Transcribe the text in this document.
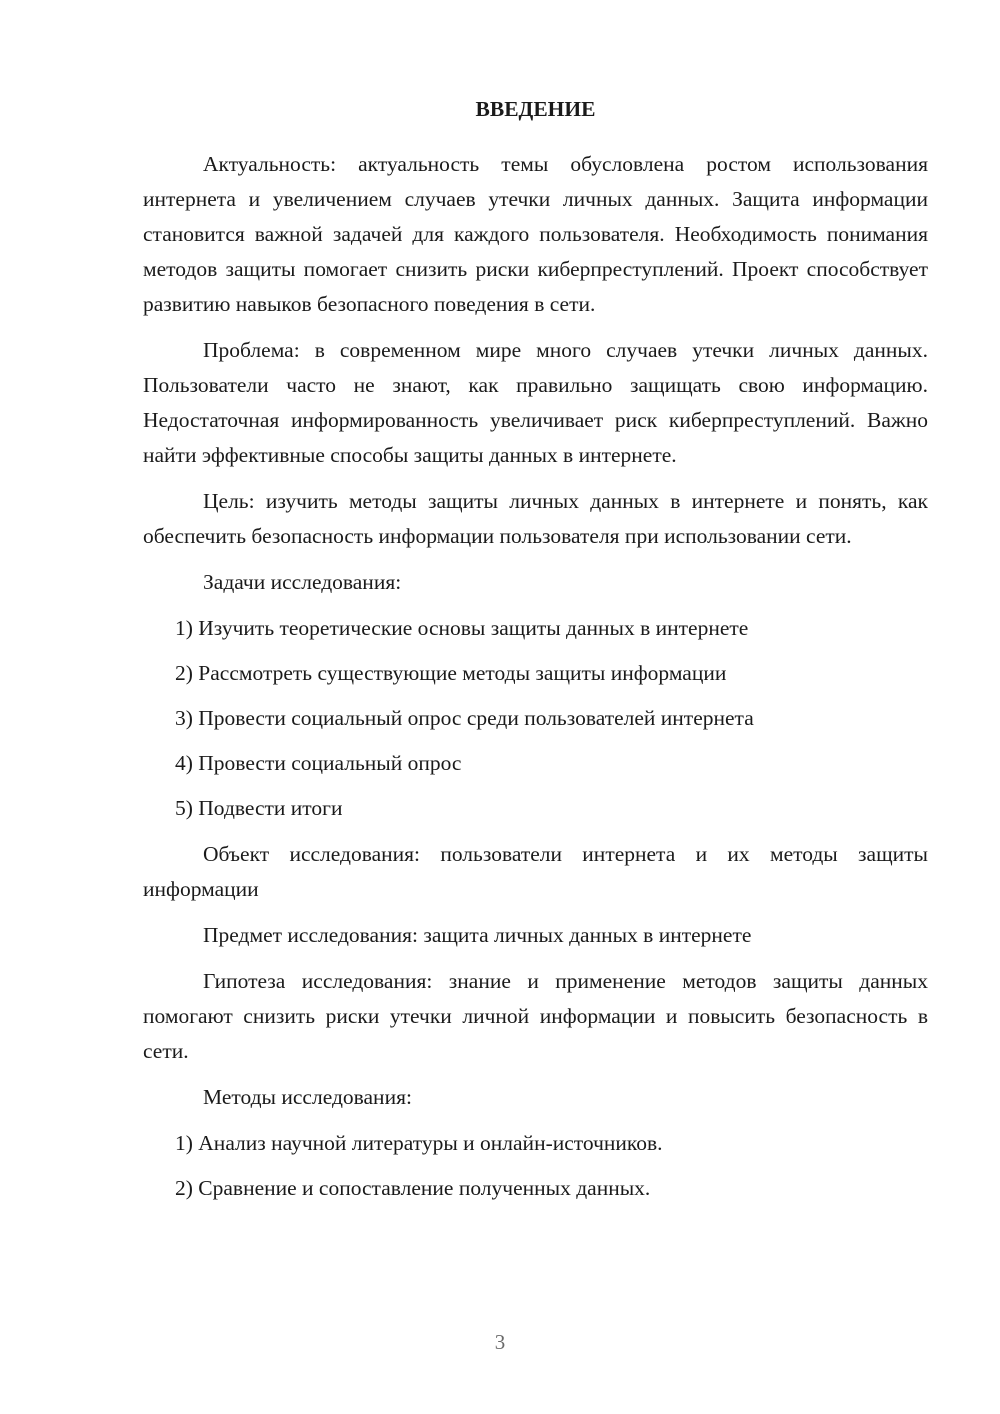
ВВЕДЕНИЕ
Актуальность: актуальность темы обусловлена ростом использования интернета и увеличением случаев утечки личных данных. Защита информации становится важной задачей для каждого пользователя. Необходимость понимания методов защиты помогает снизить риски киберпреступлений. Проект способствует развитию навыков безопасного поведения в сети.
Проблема: в современном мире много случаев утечки личных данных. Пользователи часто не знают, как правильно защищать свою информацию. Недостаточная информированность увеличивает риск киберпреступлений. Важно найти эффективные способы защиты данных в интернете.
Цель: изучить методы защиты личных данных в интернете и понять, как обеспечить безопасность информации пользователя при использовании сети.
Задачи исследования:
1) Изучить теоретические основы защиты данных в интернете
2) Рассмотреть существующие методы защиты информации
3) Провести социальный опрос среди пользователей интернета
4) Провести социальный опрос
5) Подвести итоги
Объект исследования: пользователи интернета и их методы защиты информации
Предмет исследования: защита личных данных в интернете
Гипотеза исследования: знание и применение методов защиты данных помогают снизить риски утечки личной информации и повысить безопасность в сети.
Методы исследования:
1) Анализ научной литературы и онлайн-источников.
2) Сравнение и сопоставление полученных данных.
3
